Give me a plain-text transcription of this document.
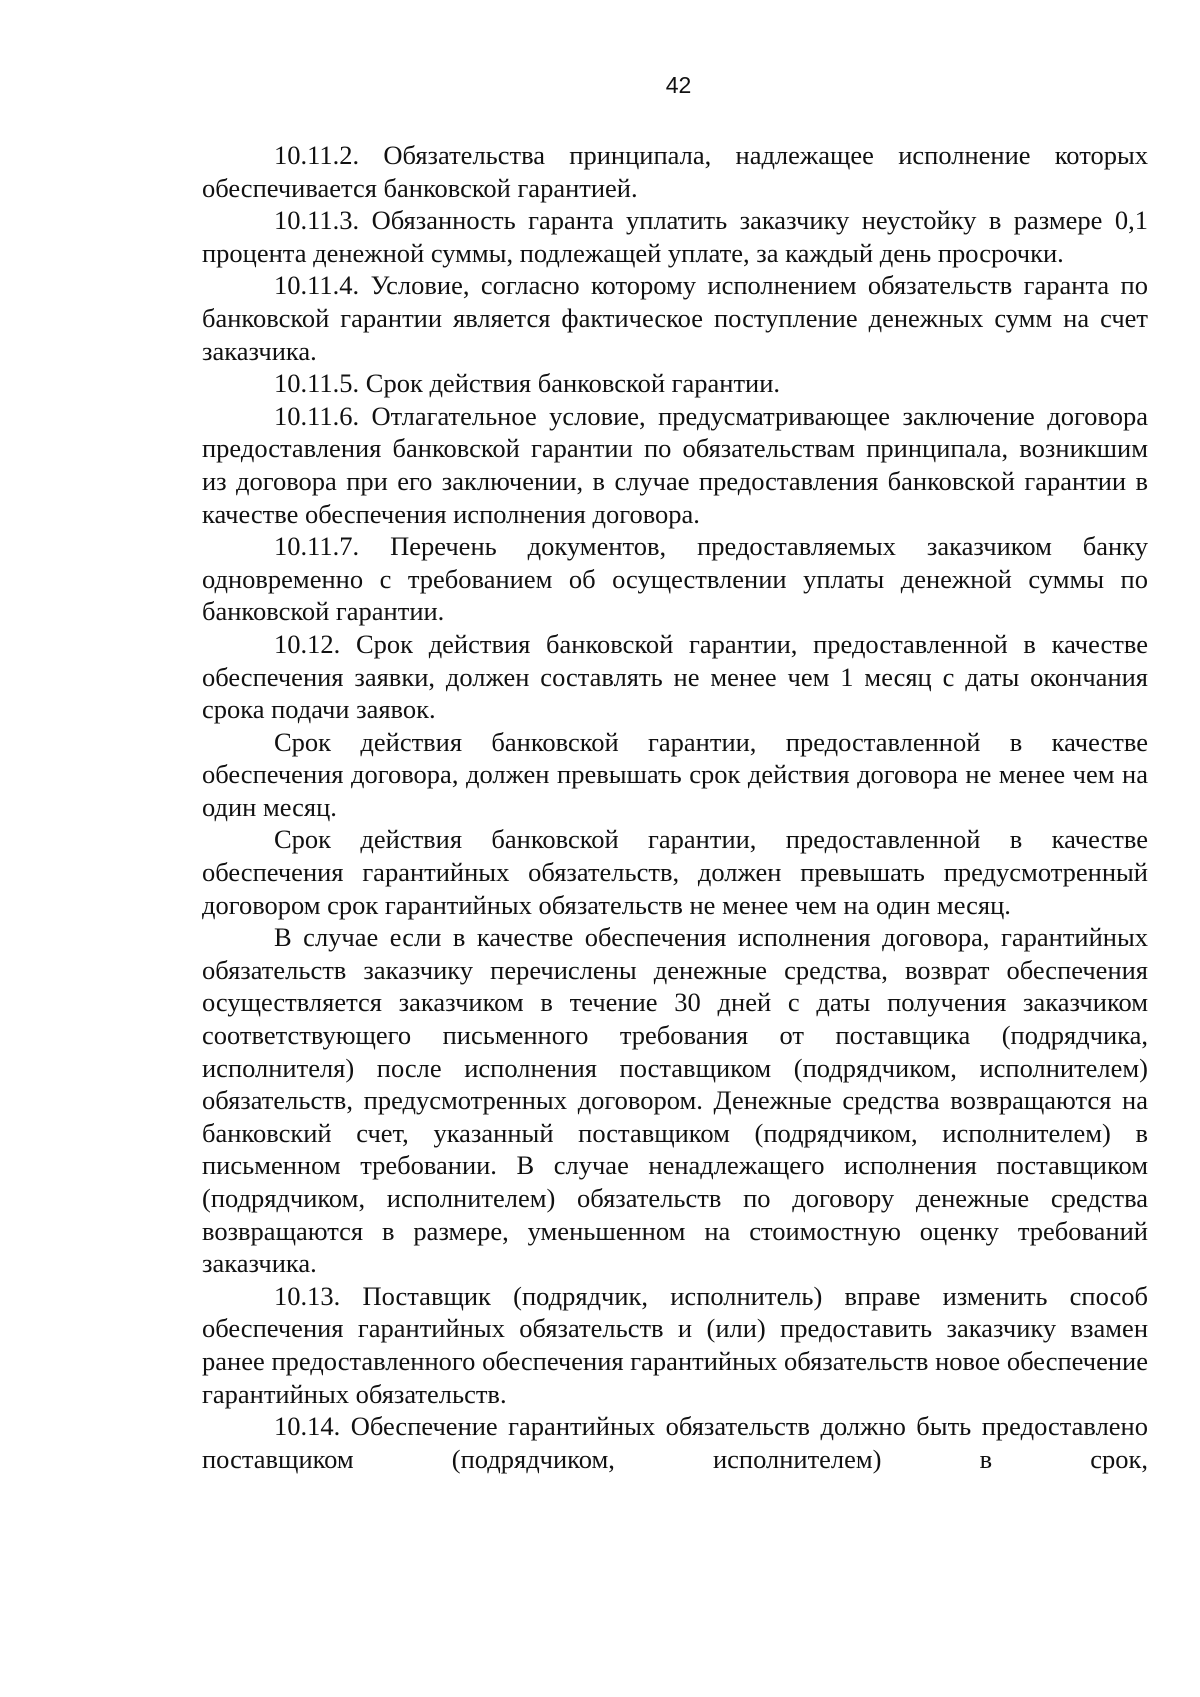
42

10.11.2. Обязательства принципала, надлежащее исполнение которых обеспечивается банковской гарантией.

10.11.3. Обязанность гаранта уплатить заказчику неустойку в размере 0,1 процента денежной суммы, подлежащей уплате, за каждый день просрочки.

10.11.4. Условие, согласно которому исполнением обязательств гаранта по банковской гарантии является фактическое поступление денежных сумм на счет заказчика.

10.11.5. Срок действия банковской гарантии.

10.11.6. Отлагательное условие, предусматривающее заключение договора предоставления банковской гарантии по обязательствам принципала, возникшим из договора при его заключении, в случае предоставления банковской гарантии в качестве обеспечения исполнения договора.

10.11.7. Перечень документов, предоставляемых заказчиком банку одновременно с требованием об осуществлении уплаты денежной суммы по банковской гарантии.

10.12. Срок действия банковской гарантии, предоставленной в качестве обеспечения заявки, должен составлять не менее чем 1 месяц с даты окончания срока подачи заявок.

Срок действия банковской гарантии, предоставленной в качестве обеспечения договора, должен превышать срок действия договора не менее чем на один месяц.

Срок действия банковской гарантии, предоставленной в качестве обеспечения гарантийных обязательств, должен превышать предусмотренный договором срок гарантийных обязательств не менее чем на один месяц.

В случае если в качестве обеспечения исполнения договора, гарантийных обязательств заказчику перечислены денежные средства, возврат обеспечения осуществляется заказчиком в течение 30 дней с даты получения заказчиком соответствующего письменного требования от поставщика (подрядчика, исполнителя) после исполнения поставщиком (подрядчиком, исполнителем) обязательств, предусмотренных договором. Денежные средства возвращаются на банковский счет, указанный поставщиком (подрядчиком, исполнителем) в письменном требовании. В случае ненадлежащего исполнения поставщиком (подрядчиком, исполнителем) обязательств по договору денежные средства возвращаются в размере, уменьшенном на стоимостную оценку требований заказчика.

10.13. Поставщик (подрядчик, исполнитель) вправе изменить способ обеспечения гарантийных обязательств и (или) предоставить заказчику взамен ранее предоставленного обеспечения гарантийных обязательств новое обеспечение гарантийных обязательств.

10.14. Обеспечение гарантийных обязательств должно быть предоставлено поставщиком (подрядчиком, исполнителем) в срок,
